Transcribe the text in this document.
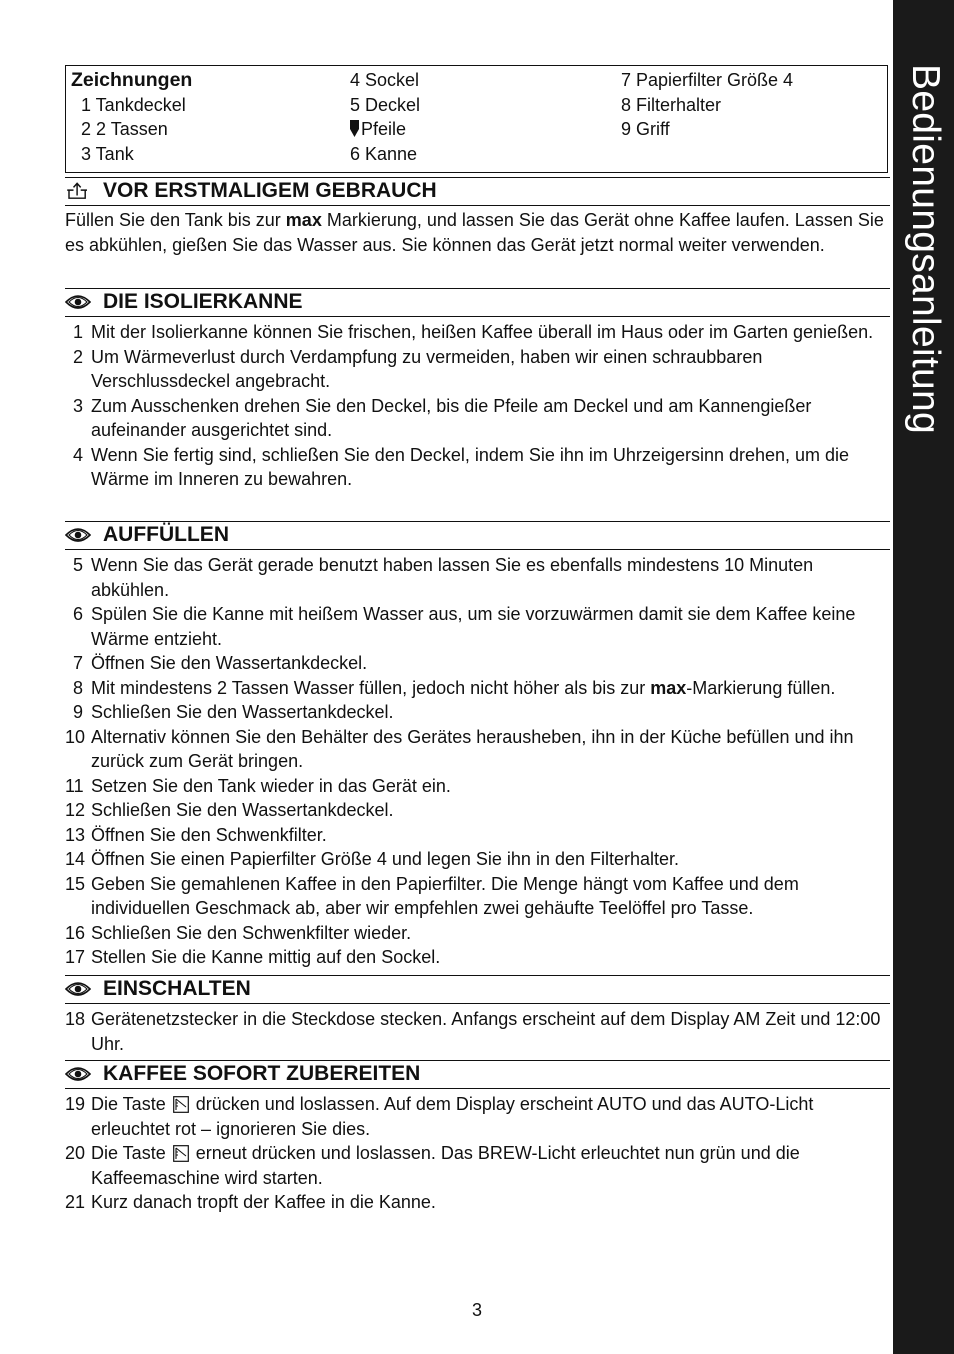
Bedienungsanleitung
Zeichnungen
1 Tankdeckel
2 2 Tassen
3 Tank
4 Sockel
5 Deckel
Pfeile
6 Kanne
7 Papierfilter Größe 4
8 Filterhalter
9 Griff
VOR ERSTMALIGEM GEBRAUCH
Füllen Sie den Tank bis zur max Markierung, und lassen Sie das Gerät ohne Kaffee laufen. Lassen Sie es abkühlen, gießen Sie das Wasser aus. Sie können das Gerät jetzt normal weiter verwenden.
DIE ISOLIERKANNE
1 Mit der Isolierkanne können Sie frischen, heißen Kaffee überall im Haus oder im Garten genießen.
2 Um Wärmeverlust durch Verdampfung zu vermeiden, haben wir einen schraubbaren Verschlussdeckel angebracht.
3 Zum Ausschenken drehen Sie den Deckel, bis die Pfeile am Deckel und am Kannengießer aufeinander ausgerichtet sind.
4 Wenn Sie fertig sind, schließen Sie den Deckel, indem Sie ihn im Uhrzeigersinn drehen, um die Wärme im Inneren zu bewahren.
AUFFÜLLEN
5 Wenn Sie das Gerät gerade benutzt haben lassen Sie es ebenfalls mindestens 10 Minuten abkühlen.
6 Spülen Sie die Kanne mit heißem Wasser aus, um sie vorzuwärmen damit sie dem Kaffee keine Wärme entzieht.
7 Öffnen Sie den Wassertankdeckel.
8 Mit mindestens 2 Tassen Wasser füllen, jedoch nicht höher als bis zur max-Markierung füllen.
9 Schließen Sie den Wassertankdeckel.
10 Alternativ können Sie den Behälter des Gerätes herausheben, ihn in der Küche befüllen und ihn zurück zum Gerät bringen.
11 Setzen Sie den Tank wieder in das Gerät ein.
12 Schließen Sie den Wassertankdeckel.
13 Öffnen Sie den Schwenkfilter.
14 Öffnen Sie einen Papierfilter Größe 4 und legen Sie ihn in den Filterhalter.
15 Geben Sie gemahlenen Kaffee in den Papierfilter. Die Menge hängt vom Kaffee und dem individuellen Geschmack ab, aber wir empfehlen zwei gehäufte Teelöffel pro Tasse.
16 Schließen Sie den Schwenkfilter wieder.
17 Stellen Sie die Kanne mittig auf den Sockel.
EINSCHALTEN
18 Gerätenetzstecker in die Steckdose stecken. Anfangs erscheint auf dem Display AM Zeit und 12:00 Uhr.
KAFFEE SOFORT ZUBEREITEN
19 Die Taste  drücken und loslassen. Auf dem Display erscheint AUTO und das AUTO-Licht erleuchtet rot – ignorieren Sie dies.
20 Die Taste  erneut drücken und loslassen. Das BREW-Licht erleuchtet nun grün und die Kaffeemaschine wird starten.
21 Kurz danach tropft der Kaffee in die Kanne.
3
